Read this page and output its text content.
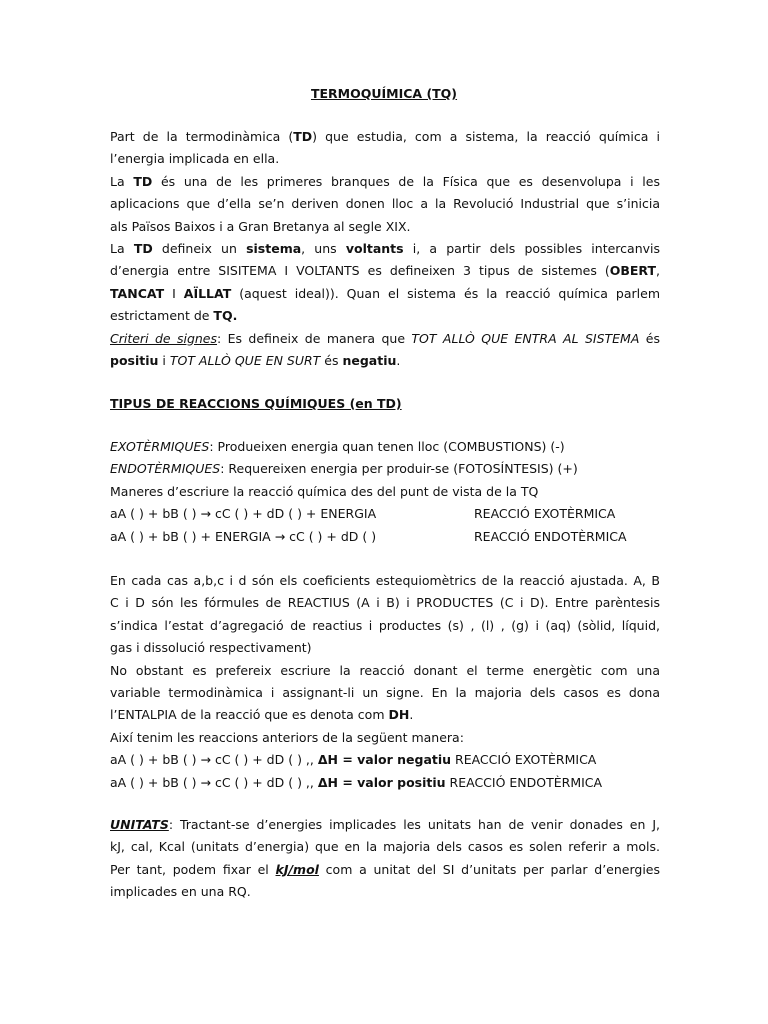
TERMOQUÍMICA (TQ)
Part de la termodinàmica (TD) que estudia, com a sistema, la reacció química i
l’energia implicada en ella.
La TD és una de les primeres branques de la Física que es desenvolupa i les
aplicacions que d’ella se’n deriven donen lloc a la Revolució Industrial que s’inicia
als Països Baixos i a Gran Bretanya al segle XIX.
La TD defineix un sistema, uns voltants i, a partir dels possibles intercanvis
d’energia entre SISITEMA I VOLTANTS es defineixen 3 tipus de sistemes (OBERT,
TANCAT I AÏLLAT (aquest ideal)). Quan el sistema és la reacció química parlem
estrictament de TQ.
Criteri de signes: Es defineix de manera que TOT ALLÒ QUE ENTRA AL SISTEMA és
positiu i TOT ALLÒ QUE EN SURT és negatiu.
TIPUS DE REACCIONS QUÍMIQUES (en TD)
EXOTÈRMIQUES: Produeixen energia quan tenen lloc (COMBUSTIONS) (-)
ENDOTÈRMIQUES: Requereixen energia per produir-se (FOTOSÍNTESIS) (+)
Maneres d’escriure la reacció química des del punt de vista de la TQ
aA ( ) + bB ( ) → cC ( ) + dD ( ) + ENERGIA	REACCIÓ EXOTÈRMICA
aA ( ) + bB ( ) + ENERGIA → cC ( ) + dD ( )	REACCIÓ ENDOTÈRMICA
En cada cas a,b,c i d són els coeficients estequiomètrics de la reacció ajustada. A, B
C i D són les fórmules de REACTIUS (A i B) i PRODUCTES (C i D). Entre parèntesis
s’indica l’estat d’agregació de reactius i productes (s) , (l) , (g) i (aq) (sòlid, líquid,
gas i dissolució respectivament)
No obstant es prefereix escriure la reacció donant el terme energètic com una
variable termodinàmica i assignant-li un signe. En la majoria dels casos es dona
l’ENTALPIA de la reacció que es denota com DH.
Així tenim les reaccions anteriors de la següent manera:
aA ( ) + bB ( ) → cC ( ) + dD ( ) ,, ΔH = valor negatiu REACCIÓ EXOTÈRMICA
aA ( ) + bB ( ) → cC ( ) + dD ( ) ,, ΔH = valor positiu REACCIÓ ENDOTÈRMICA
UNITATS: Tractant-se d’energies implicades les unitats han de venir donades en J,
kJ, cal, Kcal (unitats d’energia) que en la majoria dels casos es solen referir a mols.
Per tant, podem fixar el kJ/mol com a unitat del SI d’unitats per parlar d’energies
implicades en una RQ.
